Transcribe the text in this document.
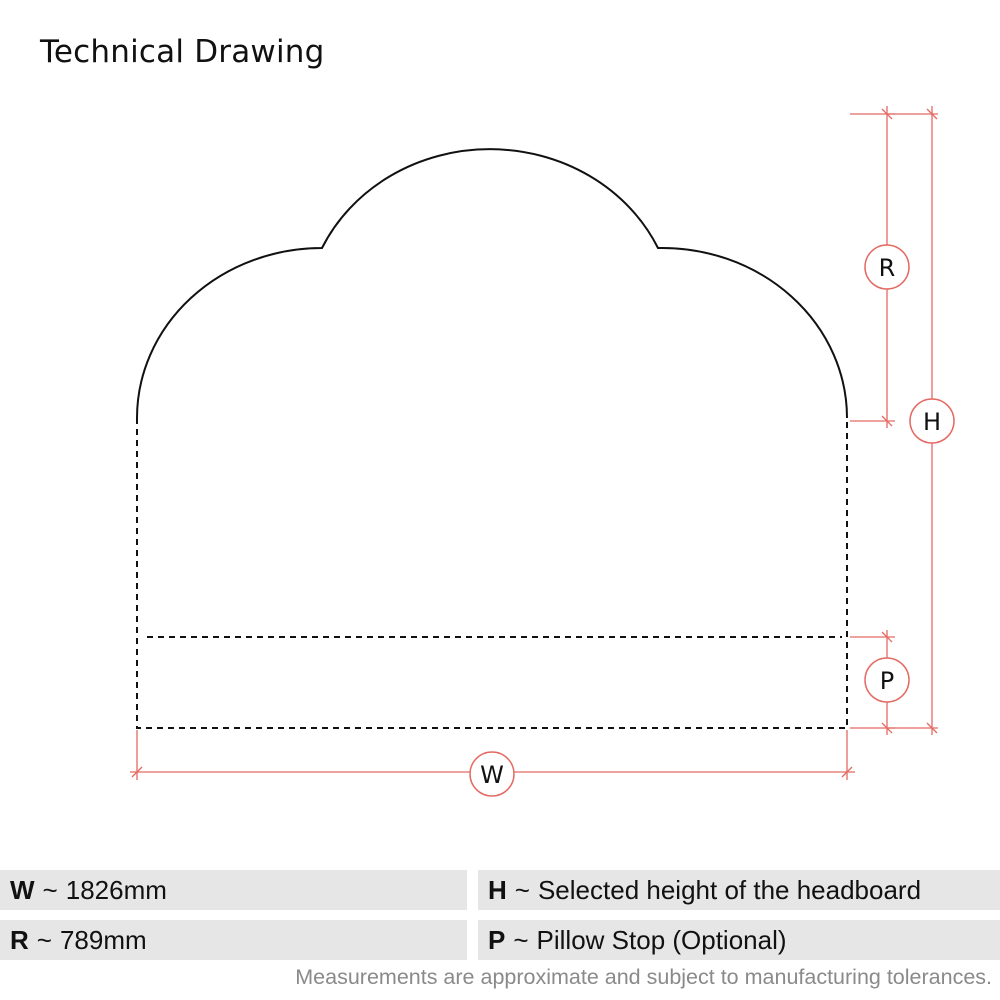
Technical Drawing
R
H
P
W
W ~ 1826mm	H ~ Selected height of the headboard
R ~ 789mm	P ~ Pillow Stop (Optional)
Measurements are approximate and subject to manufacturing tolerances.
